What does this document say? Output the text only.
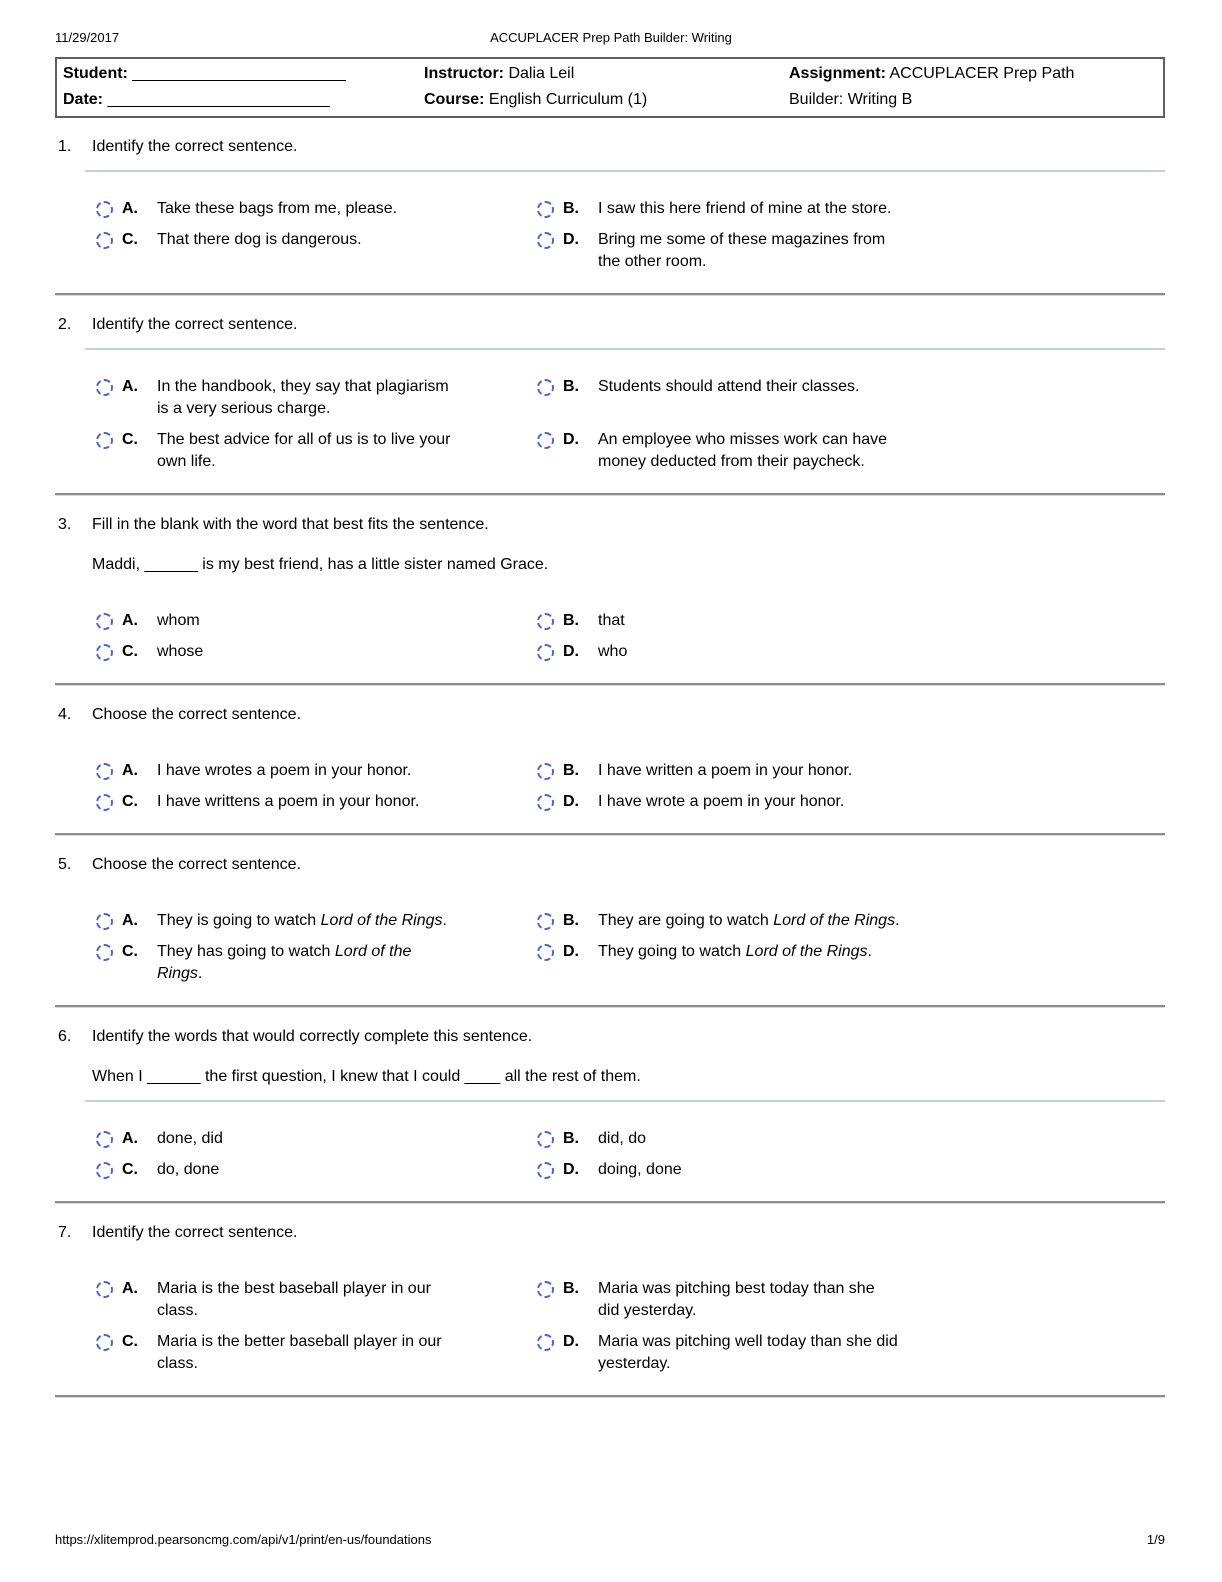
11/29/2017	ACCUPLACER Prep Path Builder: Writing
Student: ________________________
Date: _________________________
Instructor: Dalia Leil
Course: English Curriculum (1)
Assignment: ACCUPLACER Prep Path
Builder: Writing B
1.	Identify the correct sentence.
A.	Take these bags from me, please.	B.	I saw this here friend of mine at the store.
C.	That there dog is dangerous.	D.	Bring me some of these magazines from
the other room.
2.	Identify the correct sentence.
A.	In the handbook, they say that plagiarism
is a very serious charge.
B.	Students should attend their classes.
C.	The best advice for all of us is to live your
own life.
D.	An employee who misses work can have
money deducted from their paycheck.
3.	Fill in the blank with the word that best fits the sentence.
Maddi, ______ is my best friend, has a little sister named Grace.
A.	whom	B.	that
C.	whose	D.	who
4.	Choose the correct sentence.
A.	I have wrotes a poem in your honor.	B.	I have written a poem in your honor.
C.	I have writtens a poem in your honor.	D.	I have wrote a poem in your honor.
5.	Choose the correct sentence.
A.	They is going to watch Lord of the Rings.	B.	They are going to watch Lord of the Rings.
C.	They has going to watch Lord of the
Rings.
D.	They going to watch Lord of the Rings.
6.	Identify the words that would correctly complete this sentence.
When I ______ the first question, I knew that I could ____ all the rest of them.
A.	done, did	B.	did, do
C.	do, done	D.	doing, done
7.	Identify the correct sentence.
A.	Maria is the best baseball player in our
class.
B.	Maria was pitching best today than she
did yesterday.
C.	Maria is the better baseball player in our
class.
D.	Maria was pitching well today than she did
yesterday.
https://xlitemprod.pearsoncmg.com/api/v1/print/en-us/foundations	1/9
